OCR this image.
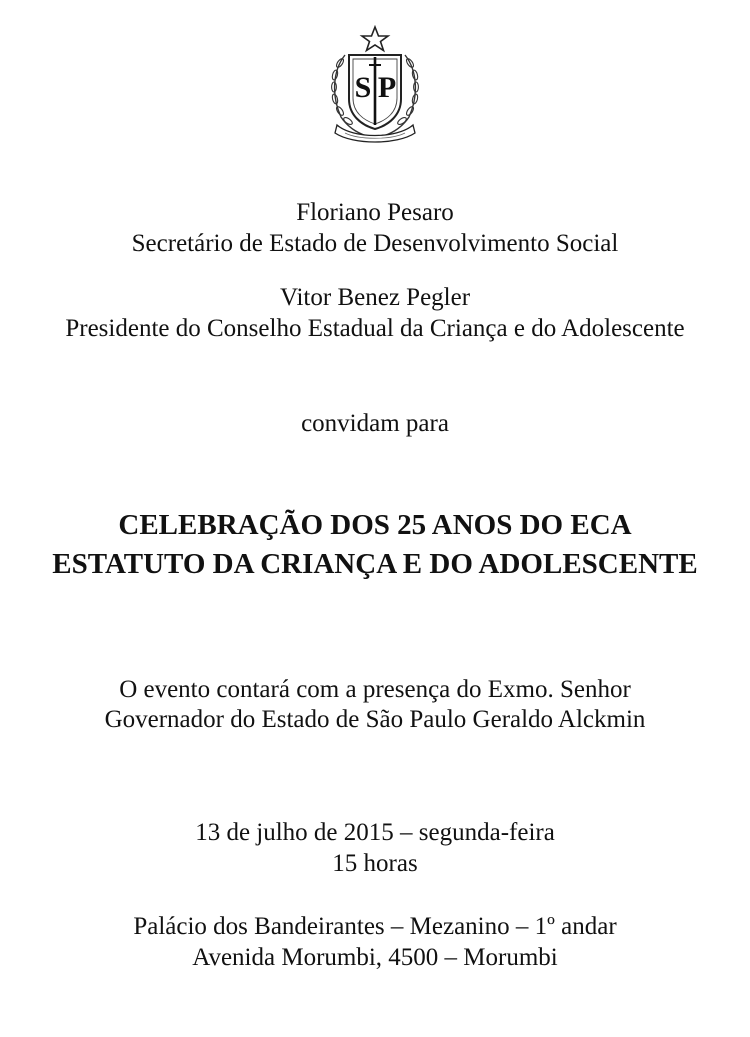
S P
Floriano Pesaro
Secretário de Estado de Desenvolvimento Social
Vitor Benez Pegler
Presidente do Conselho Estadual da Criança e do Adolescente
convidam para
CELEBRAÇÃO DOS 25 ANOS DO ECA
ESTATUTO DA CRIANÇA E DO ADOLESCENTE
O evento contará com a presença do Exmo. Senhor
Governador do Estado de São Paulo Geraldo Alckmin
13 de julho de 2015 – segunda-feira
15 horas
Palácio dos Bandeirantes – Mezanino – 1º andar
Avenida Morumbi, 4500 – Morumbi
